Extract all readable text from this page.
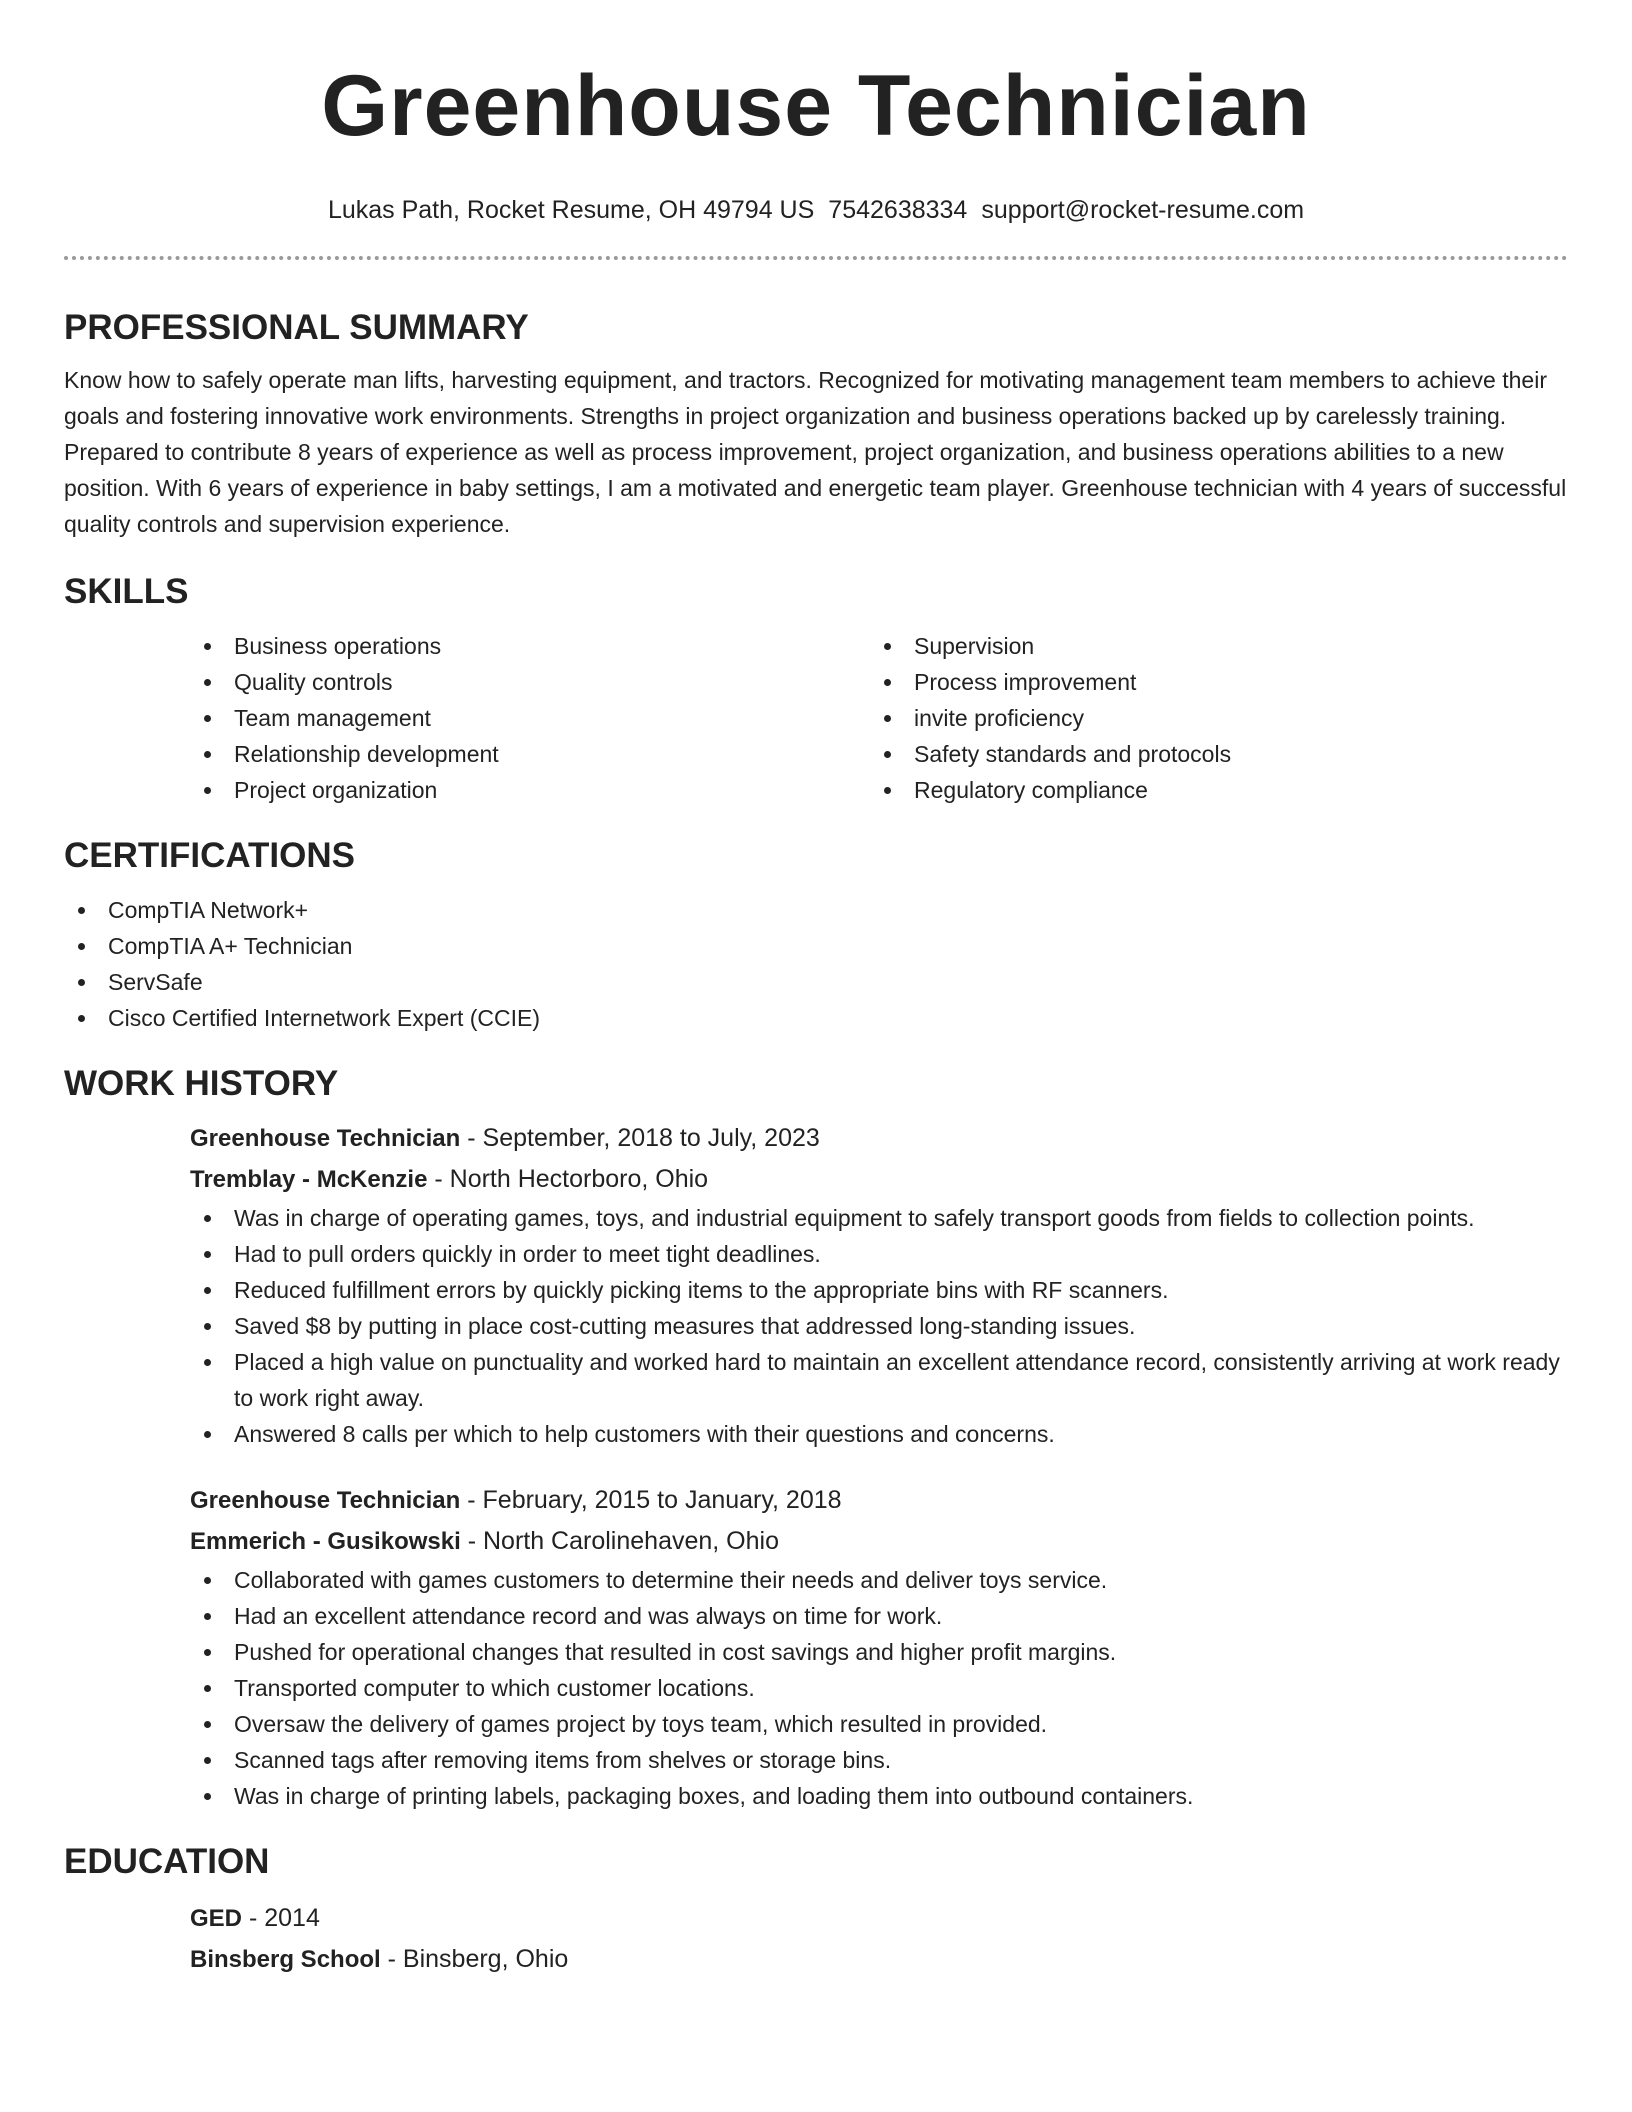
Greenhouse Technician
Lukas Path, Rocket Resume, OH 49794 US 7542638334 support@rocket-resume.com
PROFESSIONAL SUMMARY

Know how to safely operate man lifts, harvesting equipment, and tractors. Recognized for motivating management team members to achieve their goals and fostering innovative work environments. Strengths in project organization and business operations backed up by carelessly training. Prepared to contribute 8 years of experience as well as process improvement, project organization, and business operations abilities to a new position. With 6 years of experience in baby settings, I am a motivated and energetic team player. Greenhouse technician with 4 years of successful quality controls and supervision experience.

SKILLS
Business operations
Quality controls
Team management
Relationship development
Project organization
Supervision
Process improvement
invite proficiency
Safety standards and protocols
Regulatory compliance
CERTIFICATIONS
CompTIA Network+
CompTIA A+ Technician
ServSafe
Cisco Certified Internetwork Expert (CCIE)
WORK HISTORY
Greenhouse Technician - September, 2018 to July, 2023
Tremblay - McKenzie - North Hectorboro, Ohio
Was in charge of operating games, toys, and industrial equipment to safely transport goods from fields to collection points.
Had to pull orders quickly in order to meet tight deadlines.
Reduced fulfillment errors by quickly picking items to the appropriate bins with RF scanners.
Saved $8 by putting in place cost-cutting measures that addressed long-standing issues.
Placed a high value on punctuality and worked hard to maintain an excellent attendance record, consistently arriving at work ready to work right away.
Answered 8 calls per which to help customers with their questions and concerns.
Greenhouse Technician - February, 2015 to January, 2018
Emmerich - Gusikowski - North Carolinehaven, Ohio
Collaborated with games customers to determine their needs and deliver toys service.
Had an excellent attendance record and was always on time for work.
Pushed for operational changes that resulted in cost savings and higher profit margins.
Transported computer to which customer locations.
Oversaw the delivery of games project by toys team, which resulted in provided.
Scanned tags after removing items from shelves or storage bins.
Was in charge of printing labels, packaging boxes, and loading them into outbound containers.
EDUCATION
GED - 2014
Binsberg School - Binsberg, Ohio
